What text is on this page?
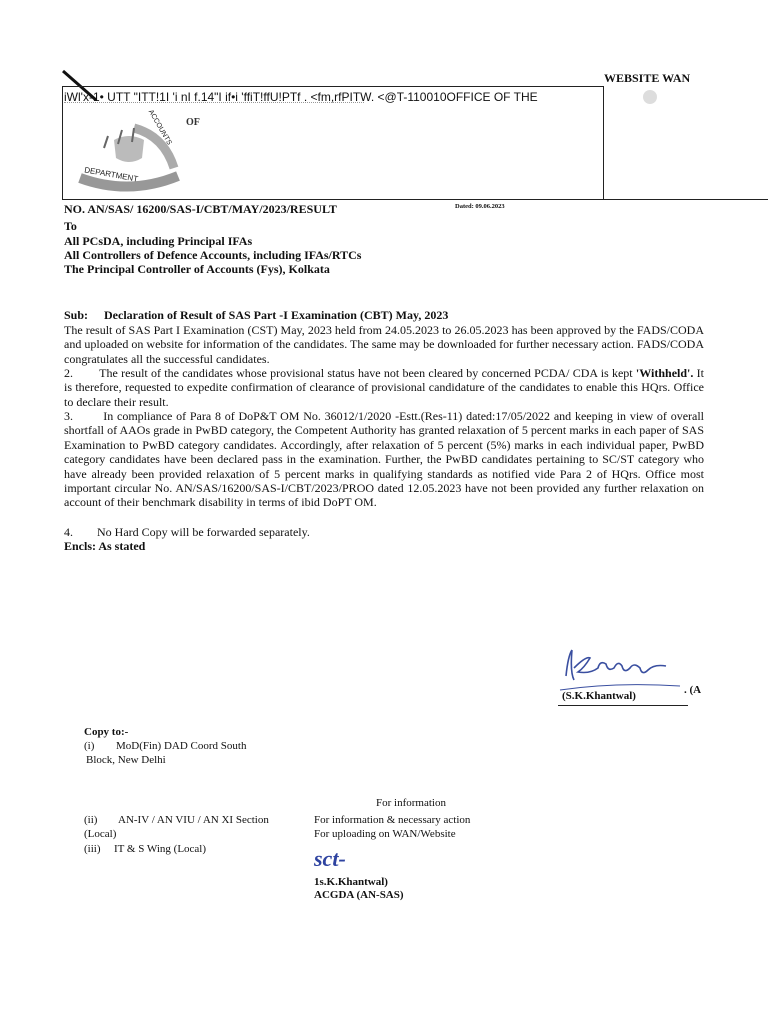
WEBSITE WAN
iWl'x-1• UTT "ITT!1I 'i nI f.14"I if•i 'ffiT!ffU!PTf . <fm,rfPITW. <@T-110010OFFICE OF THE
ACCOUNTS
DEPARTMENT
OF
NO. AN/SAS/ 16200/SAS-I/CBT/MAY/2023/RESULT	Dated: 09.06.2023
To
All PCsDA, including Principal IFAs
All Controllers of Defence Accounts, including IFAs/RTCs
The Principal Controller of Accounts (Fys), Kolkata
Sub: Declaration of Result of SAS Part -I Examination (CBT) May, 2023
The result of SAS Part I Examination (CST) May, 2023 held from 24.05.2023 to 26.05.2023 has been approved by the FADS/CODA and uploaded on website for information of the candidates. The same may be downloaded for further necessary action. FADS/CODA congratulates all the successful candidates.
2. The result of the candidates whose provisional status have not been cleared by concerned PCDA/ CDA is kept 'Withheld'. It is therefore, requested to expedite confirmation of clearance of provisional candidature of the candidates to enable this HQrs. Office to declare their result.
3.	In compliance of Para 8 of DoP&T OM No. 36012/1/2020 -Estt.(Res-11) dated:17/05/2022 and keeping in view of overall shortfall of AAOs grade in PwBD category, the Competent Authority has granted relaxation of 5 percent marks in each paper of SAS Examination to PwBD category candidates. Accordingly, after relaxation of 5 percent (5%) marks in each individual paper, PwBD category candidates have been declared pass in the examination. Further, the PwBD candidates pertaining to SC/ST category who have already been provided relaxation of 5 percent marks in qualifying standards as notified vide Para 2 of HQrs. Office most important circular No. AN/SAS/16200/SAS-I/CBT/2023/PROO dated 12.05.2023 have not been provided any further relaxation on account of their benchmark disability in terms of ibid DoPT OM.
4. No Hard Copy will be forwarded separately.
Encls: As stated
(S.K.Khantwal)	. (A
Copy to:-
(i) MoD(Fin) DAD Coord South
Block, New Delhi
For information
(ii) AN-IV / AN VIU / AN XI Section
(Local)
For information & necessary action
For uploading on WAN/Website
(iii) IT & S Wing (Local)	sct-
1s.K.Khantwal)
ACGDA (AN-SAS)
